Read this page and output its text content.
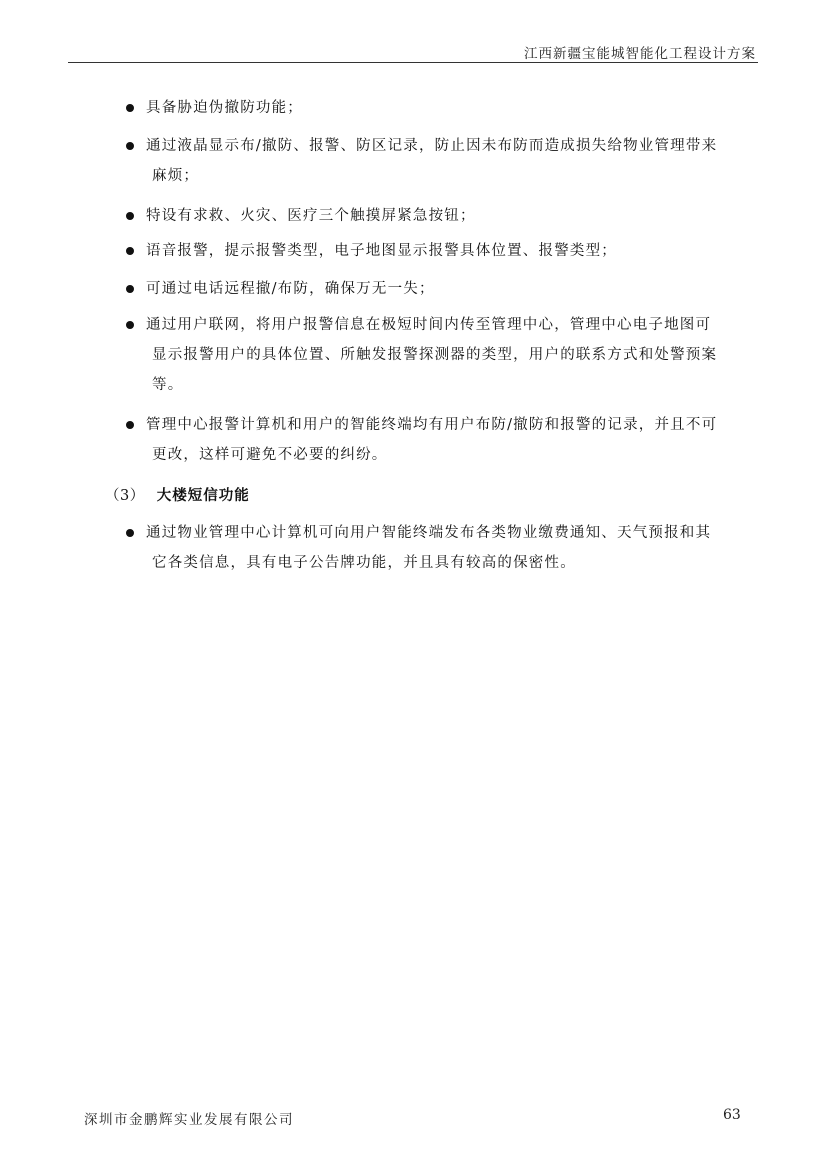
江西新疆宝能城智能化工程设计方案
具备胁迫伪撤防功能；
通过液晶显示布/撤防、报警、防区记录，防止因未布防而造成损失给物业管理带来
麻烦；
特设有求救、火灾、医疗三个触摸屏紧急按钮；
语音报警，提示报警类型，电子地图显示报警具体位置、报警类型；
可通过电话远程撤/布防，确保万无一失；
通过用户联网，将用户报警信息在极短时间内传至管理中心，管理中心电子地图可
显示报警用户的具体位置、所触发报警探测器的类型，用户的联系方式和处警预案
等。
管理中心报警计算机和用户的智能终端均有用户布防/撤防和报警的记录，并且不可
更改，这样可避免不必要的纠纷。
（3） 大楼短信功能
通过物业管理中心计算机可向用户智能终端发布各类物业缴费通知、天气预报和其
它各类信息，具有电子公告牌功能，并且具有较高的保密性。
深圳市金鹏辉实业发展有限公司	63
